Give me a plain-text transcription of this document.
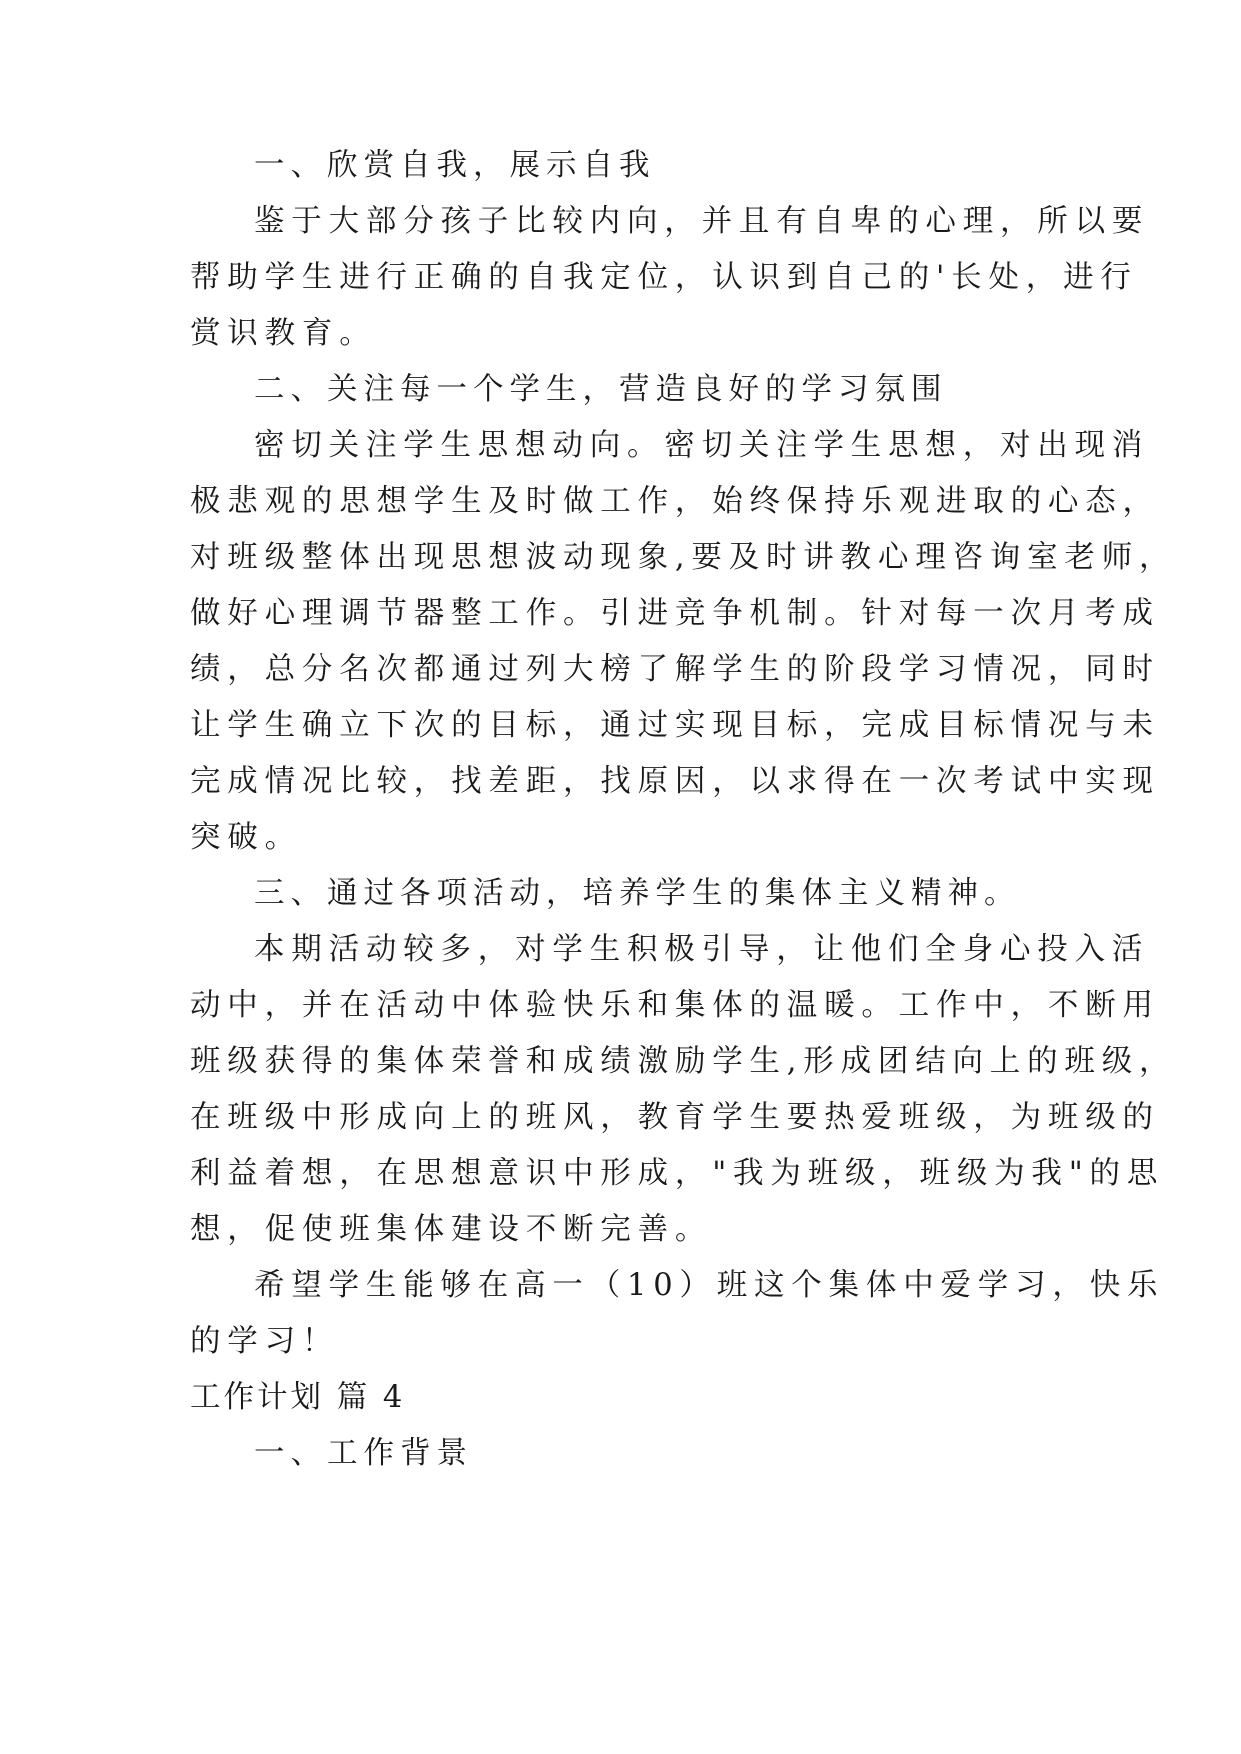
一、欣赏自我，展示自我
鉴于大部分孩子比较内向，并且有自卑的心理，所以要
帮助学生进行正确的自我定位，认识到自己的'长处，进行
赏识教育。
二、关注每一个学生，营造良好的学习氛围
密切关注学生思想动向。密切关注学生思想，对出现消
极悲观的思想学生及时做工作，始终保持乐观进取的心态，
对班级整体出现思想波动现象,要及时讲教心理咨询室老师，
做好心理调节器整工作。引进竞争机制。针对每一次月考成
绩，总分名次都通过列大榜了解学生的阶段学习情况，同时
让学生确立下次的目标，通过实现目标，完成目标情况与未
完成情况比较，找差距，找原因，以求得在一次考试中实现
突破。
三、通过各项活动，培养学生的集体主义精神。
本期活动较多，对学生积极引导，让他们全身心投入活
动中，并在活动中体验快乐和集体的温暖。工作中，不断用
班级获得的集体荣誉和成绩激励学生,形成团结向上的班级，
在班级中形成向上的班风，教育学生要热爱班级，为班级的
利益着想，在思想意识中形成，"我为班级，班级为我"的思
想，促使班集体建设不断完善。
希望学生能够在高一（10）班这个集体中爱学习，快乐
的学习！
工作计划 篇 4
一、工作背景
